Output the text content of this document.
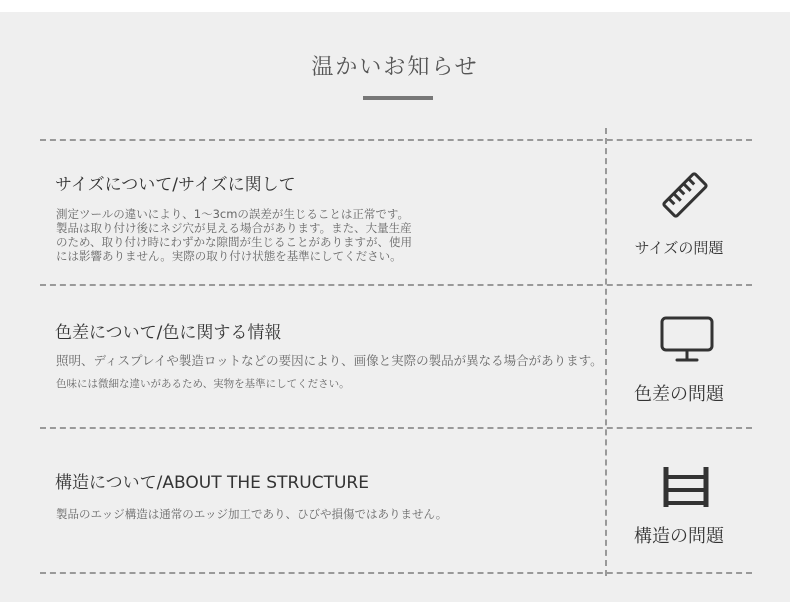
温かいお知らせ
サイズについて/サイズに関して
測定ツールの違いにより、1〜3cmの誤差が生じることは正常です。
製品は取り付け後にネジ穴が見える場合があります。また、大量生産
のため、取り付け時にわずかな隙間が生じることがありますが、使用
には影響ありません。実際の取り付け状態を基準にしてください。	サイズの問題
色差について/色に関する情報
照明、ディスプレイや製造ロットなどの要因により、画像と実際の製品が異なる場合があります。
色味には微細な違いがあるため、実物を基準にしてください。	色差の問題
構造について/ABOUT THE STRUCTURE
製品のエッジ構造は通常のエッジ加工であり、ひびや損傷ではありません。
構造の問題
